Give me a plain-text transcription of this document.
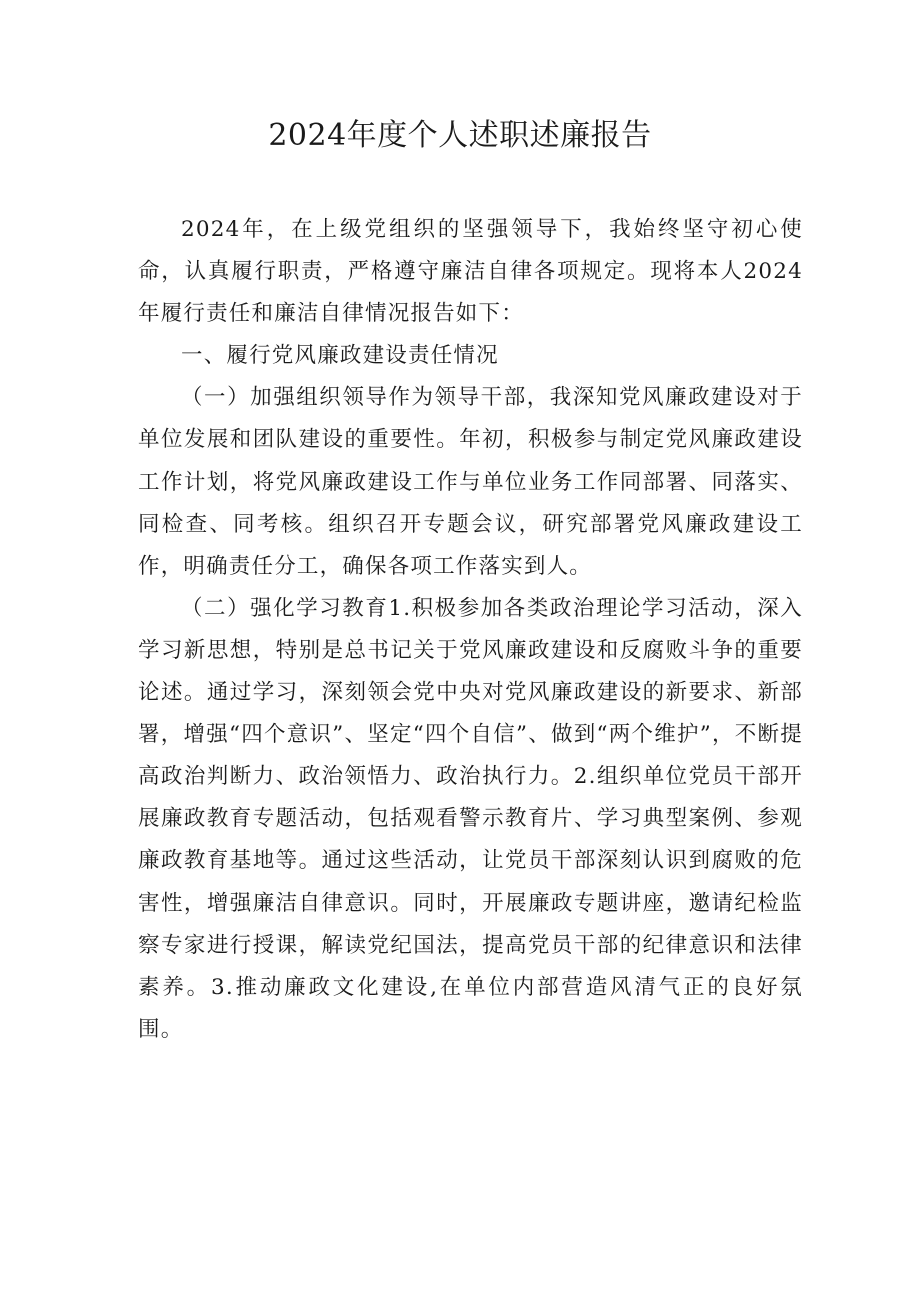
2024年度个人述职述廉报告

2024年，在上级党组织的坚强领导下，我始终坚守初心使命，认真履行职责，严格遵守廉洁自律各项规定。现将本人2024年履行责任和廉洁自律情况报告如下：

一、履行党风廉政建设责任情况

（一）加强组织领导作为领导干部，我深知党风廉政建设对于单位发展和团队建设的重要性。年初，积极参与制定党风廉政建设工作计划，将党风廉政建设工作与单位业务工作同部署、同落实、同检查、同考核。组织召开专题会议，研究部署党风廉政建设工作，明确责任分工，确保各项工作落实到人。

（二）强化学习教育1.积极参加各类政治理论学习活动，深入学习新思想，特别是总书记关于党风廉政建设和反腐败斗争的重要论述。通过学习，深刻领会党中央对党风廉政建设的新要求、新部署，增强“四个意识”、坚定“四个自信”、做到“两个维护”，不断提高政治判断力、政治领悟力、政治执行力。2.组织单位党员干部开展廉政教育专题活动，包括观看警示教育片、学习典型案例、参观廉政教育基地等。通过这些活动，让党员干部深刻认识到腐败的危害性，增强廉洁自律意识。同时，开展廉政专题讲座，邀请纪检监察专家进行授课，解读党纪国法，提高党员干部的纪律意识和法律素养。3.推动廉政文化建设,在单位内部营造风清气正的良好氛围。
